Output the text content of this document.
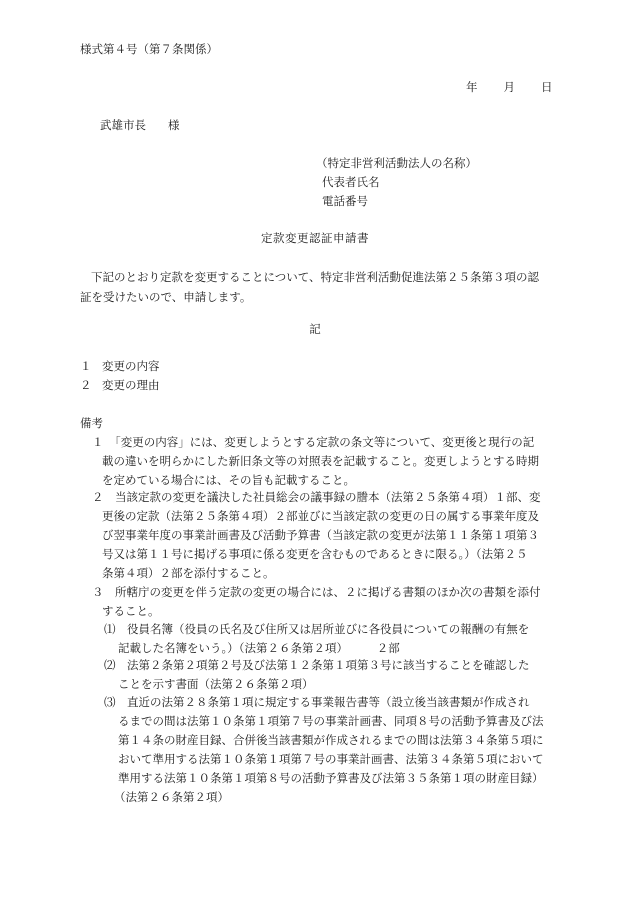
様式第４号（第７条関係）
年 月 日
武雄市長 様
（特定非営利活動法人の名称）
代表者氏名
電話番号
定款変更認証申請書
下記のとおり定款を変更することについて、特定非営利活動促進法第２５条第３項の認
証を受けたいので、申請します。
記
１ 変更の内容
２ 変更の理由
備考
１　「変更の内容」には、変更しようとする定款の条文等について、変更後と現行の記
載の違いを明らかにした新旧条文等の対照表を記載すること。変更しようとする時期
を定めている場合には、その旨も記載すること。
２　当該定款の変更を議決した社員総会の議事録の謄本（法第２５条第４項）１部、変
更後の定款（法第２５条第４項）２部並びに当該定款の変更の日の属する事業年度及
び翌事業年度の事業計画書及び活動予算書（当該定款の変更が法第１１条第１項第３
号又は第１１号に掲げる事項に係る変更を含むものであるときに限る。）（法第２５
条第４項）２部を添付すること。
３　所轄庁の変更を伴う定款の変更の場合には、２に掲げる書類のほか次の書類を添付
すること。
⑴　役員名簿（役員の氏名及び住所又は居所並びに各役員についての報酬の有無を
記載した名簿をいう。）（法第２６条第２項）　　　２部
⑵　法第２条第２項第２号及び法第１２条第１項第３号に該当することを確認した
ことを示す書面（法第２６条第２項）
⑶　直近の法第２８条第１項に規定する事業報告書等（設立後当該書類が作成され
るまでの間は法第１０条第１項第７号の事業計画書、同項８号の活動予算書及び法
第１４条の財産目録、合併後当該書類が作成されるまでの間は法第３４条第５項に
おいて準用する法第１０条第１項第７号の事業計画書、法第３４条第５項において
準用する法第１０条第１項第８号の活動予算書及び法第３５条第１項の財産目録）
（法第２６条第２項）
